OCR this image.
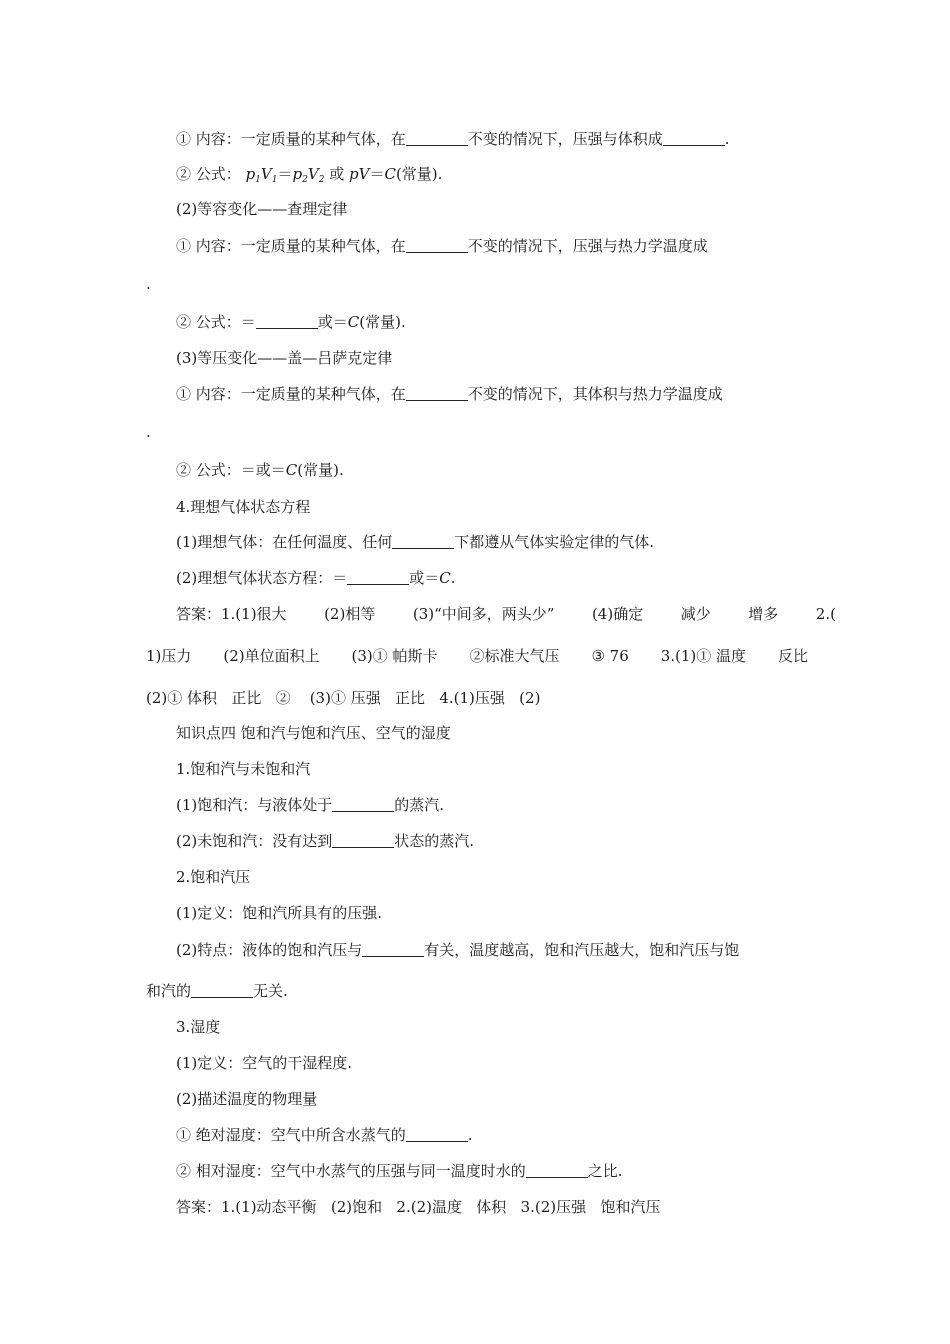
① 内容：一定质量的某种气体，在	不变的情况下，压强与体积成	.
② 公式： $p_1V_1=p_2V_2$ 或 pV＝C(常量).
(2)等容变化——查理定律
① 内容：一定质量的某种气体，在	不变的情况下，压强与热力学温度成
.
② 公式：＝	或＝C(常量).
(3)等压变化——盖—吕萨克定律
① 内容：一定质量的某种气体，在	不变的情况下，其体积与热力学温度成
.
② 公式：＝或＝C(常量).
4.理想气体状态方程
(1)理想气体：在任何温度、任何	下都遵从气体实验定律的气体.
(2)理想气体状态方程：＝	或＝C.
答案：1.(1)很大	(2)相等	(3)“中间多，两头少”	(4)确定	减少	增多	2.(
1)压力 (2)单位面积上 (3)① 帕斯卡 ②标准大气压 ③ 76 3.(1)① 温度 反比
(2)① 体积   正比   ②    (3)① 压强   正比   4.(1)压强   (2)
知识点四 饱和汽与饱和汽压、空气的湿度
1.饱和汽与未饱和汽
(1)饱和汽：与液体处于	的蒸汽.
(2)未饱和汽：没有达到	状态的蒸汽.
2.饱和汽压
(1)定义：饱和汽所具有的压强.
(2)特点：液体的饱和汽压与	有关，温度越高，饱和汽压越大，饱和汽压与饱
和汽的	无关.
3.湿度
(1)定义：空气的干湿程度.
(2)描述温度的物理量
① 绝对湿度：空气中所含水蒸气的	.
② 相对湿度：空气中水蒸气的压强与同一温度时水的	之比.
答案：1.(1)动态平衡   (2)饱和   2.(2)温度   体积   3.(2)压强   饱和汽压
